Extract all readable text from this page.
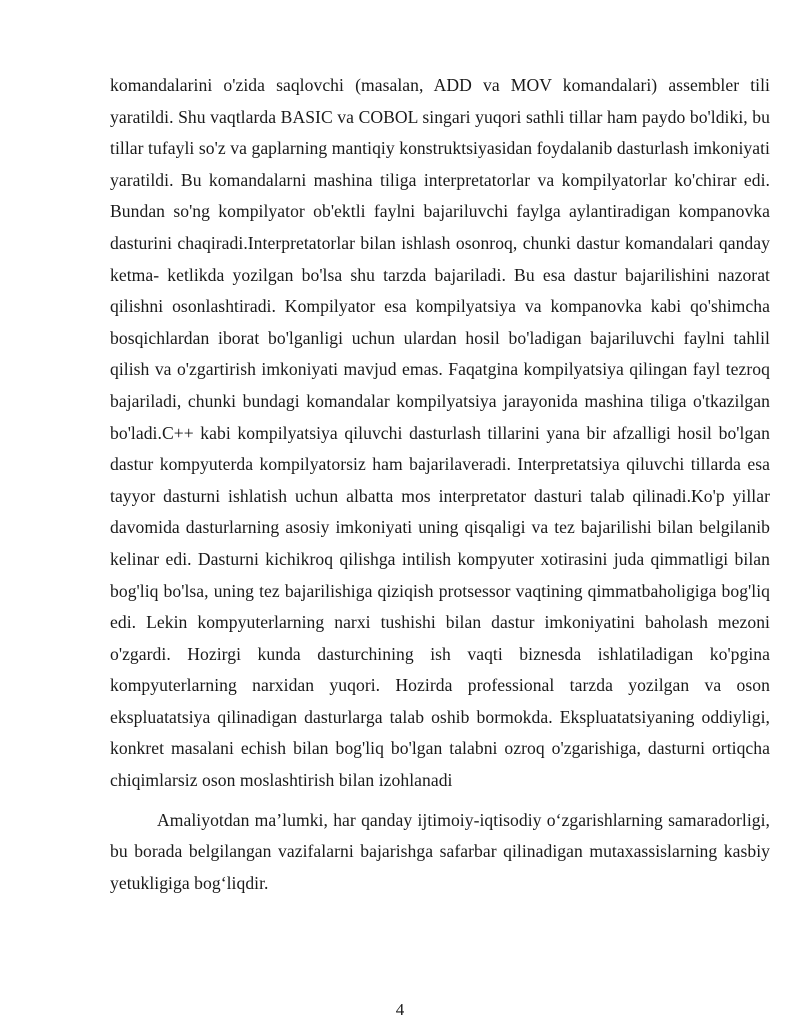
komandalarini o'zida saqlovchi (masalan, ADD va MOV komandalari) assembler tili yaratildi. Shu vaqtlarda BASIC va COBOL singari yuqori sathli tillar ham paydo bo'ldiki, bu tillar tufayli so'z va gaplarning mantiqiy konstruktsiyasidan foydalanib dasturlash imkoniyati yaratildi. Bu komandalarni mashina tiliga interpretatorlar va kompilyatorlar ko'chirar edi. Bundan so'ng kompilyator ob'ektli faylni bajariluvchi faylga aylantiradigan kompanovka dasturini chaqiradi.Interpretatorlar bilan ishlash osonroq, chunki dastur komandalari qanday ketma- ketlikda yozilgan bo'lsa shu tarzda bajariladi. Bu esa dastur bajarilishini nazorat qilishni osonlashtiradi. Kompilyator esa kompilyatsiya va kompanovka kabi qo'shimcha bosqichlardan iborat bo'lganligi uchun ulardan hosil bo'ladigan bajariluvchi faylni tahlil qilish va o'zgartirish imkoniyati mavjud emas. Faqatgina kompilyatsiya qilingan fayl tezroq bajariladi, chunki bundagi komandalar kompilyatsiya jarayonida mashina tiliga o'tkazilgan bo'ladi.C++ kabi kompilyatsiya qiluvchi dasturlash tillarini yana bir afzalligi hosil bo'lgan dastur kompyuterda kompilyatorsiz ham bajarilaveradi. Interpretatsiya qiluvchi tillarda esa tayyor dasturni ishlatish uchun albatta mos interpretator dasturi talab qilinadi.Ko'p yillar davomida dasturlarning asosiy imkoniyati uning qisqaligi va tez bajarilishi bilan belgilanib kelinar edi. Dasturni kichikroq qilishga intilish kompyuter xotirasini juda qimmatligi bilan bog'liq bo'lsa, uning tez bajarilishiga qiziqish protsessor vaqtining qimmatbaholigiga bog'liq edi. Lekin kompyuterlarning narxi tushishi bilan dastur imkoniyatini baholash mezoni o'zgardi. Hozirgi kunda dasturchining ish vaqti biznesda ishlatiladigan ko'pgina kompyuterlarning narxidan yuqori. Hozirda professional tarzda yozilgan va oson ekspluatatsiya qilinadigan dasturlarga talab oshib bormokda. Ekspluatatsiyaning oddiyligi, konkret masalani echish bilan bog'liq bo'lgan talabni ozroq o'zgarishiga, dasturni ortiqcha chiqimlarsiz oson moslashtirish bilan izohlanadi

Amaliyotdan ma’lumki, har qanday ijtimoiy-iqtisodiy o‘zgarishlarning samaradorligi, bu borada belgilangan vazifalarni bajarishga safarbar qilinadigan mutaxassislarning kasbiy yetukligiga bog‘liqdir.

4
